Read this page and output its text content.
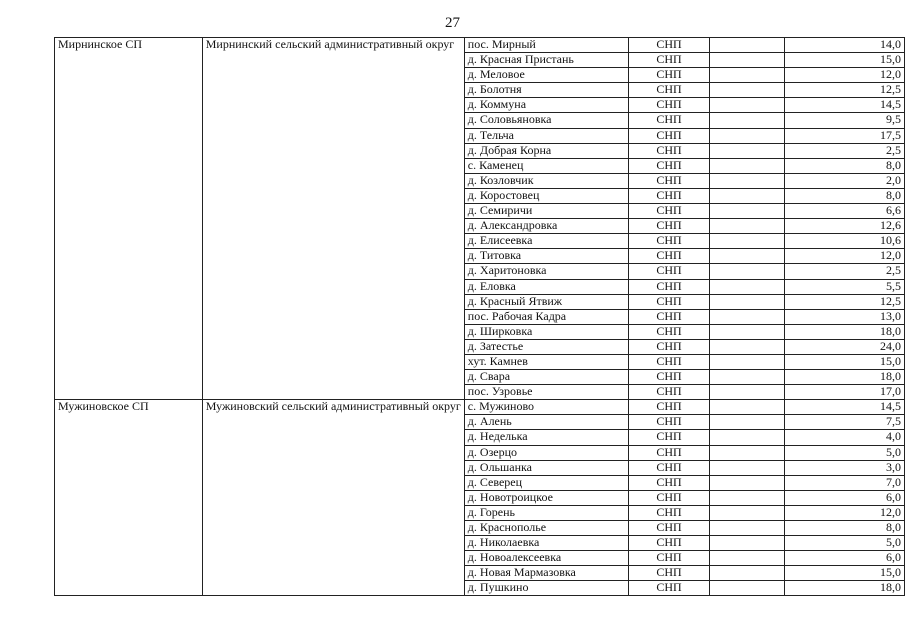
27
Мирнинское СП	Мирнинский сельский административный округ	пос. Мирный	СНП		14,0
		д. Красная Пристань	СНП		15,0
		д. Меловое	СНП		12,0
		д. Болотня	СНП		12,5
		д. Коммуна	СНП		14,5
		д. Соловьяновка	СНП		9,5
		д. Тельча	СНП		17,5
		д. Добрая Корна	СНП		2,5
		с. Каменец	СНП		8,0
		д. Козловчик	СНП		2,0
		д. Коростовец	СНП		8,0
		д. Семиричи	СНП		6,6
		д. Александровка	СНП		12,6
		д. Елисеевка	СНП		10,6
		д. Титовка	СНП		12,0
		д. Харитоновка	СНП		2,5
		д. Еловка	СНП		5,5
		д. Красный Ятвиж	СНП		12,5
		пос. Рабочая Кадра	СНП		13,0
		д. Ширковка	СНП		18,0
		д. Затестье	СНП		24,0
		хут. Камнев	СНП		15,0
		д. Свара	СНП		18,0
		пос. Узровье	СНП		17,0
Мужиновское СП	Мужиновский сельский административный округ	с. Мужиново	СНП		14,5
		д. Алень	СНП		7,5
		д. Неделька	СНП		4,0
		д. Озерцо	СНП		5,0
		д. Ольшанка	СНП		3,0
		д. Северец	СНП		7,0
		д. Новотроицкое	СНП		6,0
		д. Горень	СНП		12,0
		д. Краснополье	СНП		8,0
		д. Николаевка	СНП		5,0
		д. Новоалексеевка	СНП		6,0
		д. Новая Мармазовка	СНП		15,0
		д. Пушкино	СНП		18,0
